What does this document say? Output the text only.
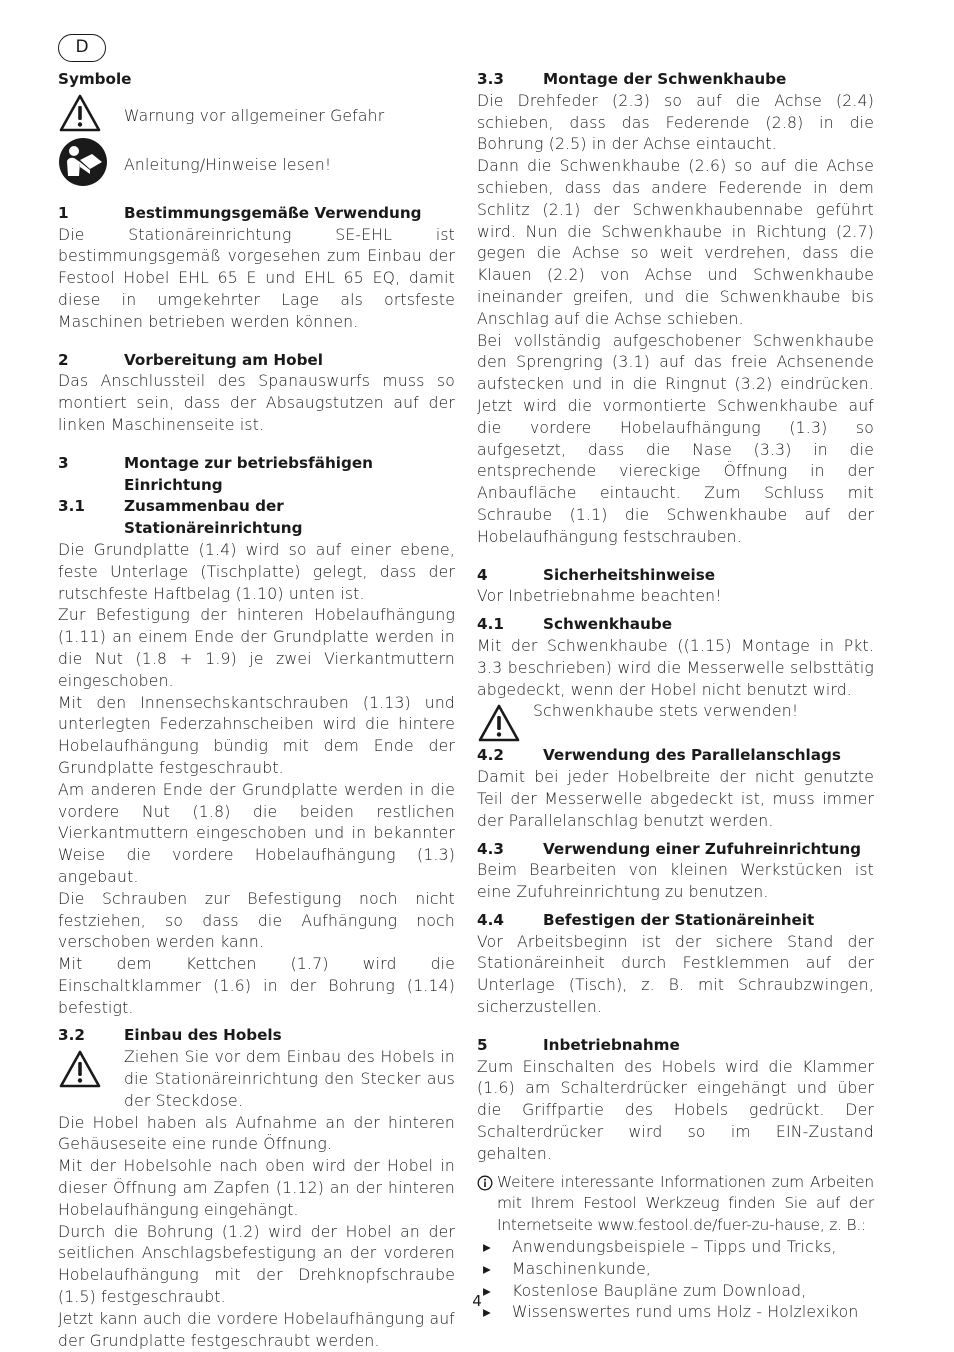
D
Symbole
Warnung vor allgemeiner Gefahr
Anleitung/Hinweise lesen!
1	Bestimmungsgemäße Verwendung
Die Stationäreinrichtung SE-EHL ist bestimmungsgemäß vorgesehen zum Einbau der Festool Hobel EHL 65 E und EHL 65 EQ, damit diese in umgekehrter Lage als ortsfeste Maschinen betrieben werden können.
2	Vorbereitung am Hobel
Das Anschlussteil des Spanauswurfs muss so montiert sein, dass der Absaugstutzen auf der linken Maschinenseite ist.
3	Montage zur betriebsfähigen Einrichtung
3.1	Zusammenbau der Stationäreinrichtung
Die Grundplatte (1.4) wird so auf einer ebene, feste Unterlage (Tischplatte) gelegt, dass der rutschfeste Haftbelag (1.10) unten ist.
Zur Befestigung der hinteren Hobelaufhängung (1.11) an einem Ende der Grundplatte werden in die Nut (1.8 + 1.9) je zwei Vierkantmuttern eingeschoben.
Mit den Innensechskantschrauben (1.13) und unterlegten Federzahnscheiben wird die hintere Hobelaufhängung bündig mit dem Ende der Grundplatte festgeschraubt.
Am anderen Ende der Grundplatte werden in die vordere Nut (1.8) die beiden restlichen Vierkantmuttern eingeschoben und in bekannter Weise die vordere Hobelaufhängung (1.3) angebaut.
Die Schrauben zur Befestigung noch nicht festziehen, so dass die Aufhängung noch verschoben werden kann.
Mit dem Kettchen (1.7) wird die Einschaltklammer (1.6) in der Bohrung (1.14) befestigt.
3.2	Einbau des Hobels
Ziehen Sie vor dem Einbau des Hobels in die Stationäreinrichtung den Stecker aus der Steckdose.
Die Hobel haben als Aufnahme an der hinteren Gehäuseseite eine runde Öffnung.
Mit der Hobelsohle nach oben wird der Hobel in dieser Öffnung am Zapfen (1.12) an der hinteren Hobelaufhängung eingehängt.
Durch die Bohrung (1.2) wird der Hobel an der seitlichen Anschlagsbefestigung an der vorderen Hobelaufhängung mit der Drehknopfschraube (1.5) festgeschraubt.
Jetzt kann auch die vordere Hobelaufhängung auf der Grundplatte festgeschraubt werden.
3.3	Montage der Schwenkhaube
Die Drehfeder (2.3) so auf die Achse (2.4) schieben, dass das Federende (2.8) in die Bohrung (2.5) in der Achse eintaucht.
Dann die Schwenkhaube (2.6) so auf die Achse schieben, dass das andere Federende in dem Schlitz (2.1) der Schwenkhaubennabe geführt wird. Nun die Schwenkhaube in Richtung (2.7) gegen die Achse so weit verdrehen, dass die Klauen (2.2) von Achse und Schwenkhaube ineinander greifen, und die Schwenkhaube bis Anschlag auf die Achse schieben.
Bei vollständig aufgeschobener Schwenkhaube den Sprengring (3.1) auf das freie Achsenende aufstecken und in die Ringnut (3.2) eindrücken. Jetzt wird die vormontierte Schwenkhaube auf die vordere Hobelaufhängung (1.3) so aufgesetzt, dass die Nase (3.3) in die entsprechende viereckige Öffnung in der Anbaufläche eintaucht. Zum Schluss mit Schraube (1.1) die Schwenkhaube auf der Hobelaufhängung festschrauben.
4	Sicherheitshinweise
Vor Inbetriebnahme beachten!
4.1	Schwenkhaube
Mit der Schwenkhaube ((1.15) Montage in Pkt. 3.3 beschrieben) wird die Messerwelle selbsttätig abgedeckt, wenn der Hobel nicht benutzt wird.
Schwenkhaube stets verwenden!
4.2	Verwendung des Parallelanschlags
Damit bei jeder Hobelbreite der nicht genutzte Teil der Messerwelle abgedeckt ist, muss immer der Parallelanschlag benutzt werden.
4.3	Verwendung einer Zufuhreinrichtung
Beim Bearbeiten von kleinen Werkstücken ist eine Zufuhreinrichtung zu benutzen.
4.4	Befestigen der Stationäreinheit
Vor Arbeitsbeginn ist der sichere Stand der Stationäreinheit durch Festklemmen auf der Unterlage (Tisch), z. B. mit Schraubzwingen, sicherzustellen.
5	Inbetriebnahme
Zum Einschalten des Hobels wird die Klammer (1.6) am Schalterdrücker eingehängt und über die Griffpartie des Hobels gedrückt. Der Schalterdrücker wird so im EIN-Zustand gehalten.
Weitere interessante Informationen zum Arbeiten mit Ihrem Festool Werkzeug finden Sie auf der Internetseite www.festool.de/fuer-zu-hause, z. B.:
▸	Anwendungsbeispiele – Tipps und Tricks,
▸	Maschinenkunde,
▸	Kostenlose Baupläne zum Download,
▸	Wissenswertes rund ums Holz - Holzlexikon
4
